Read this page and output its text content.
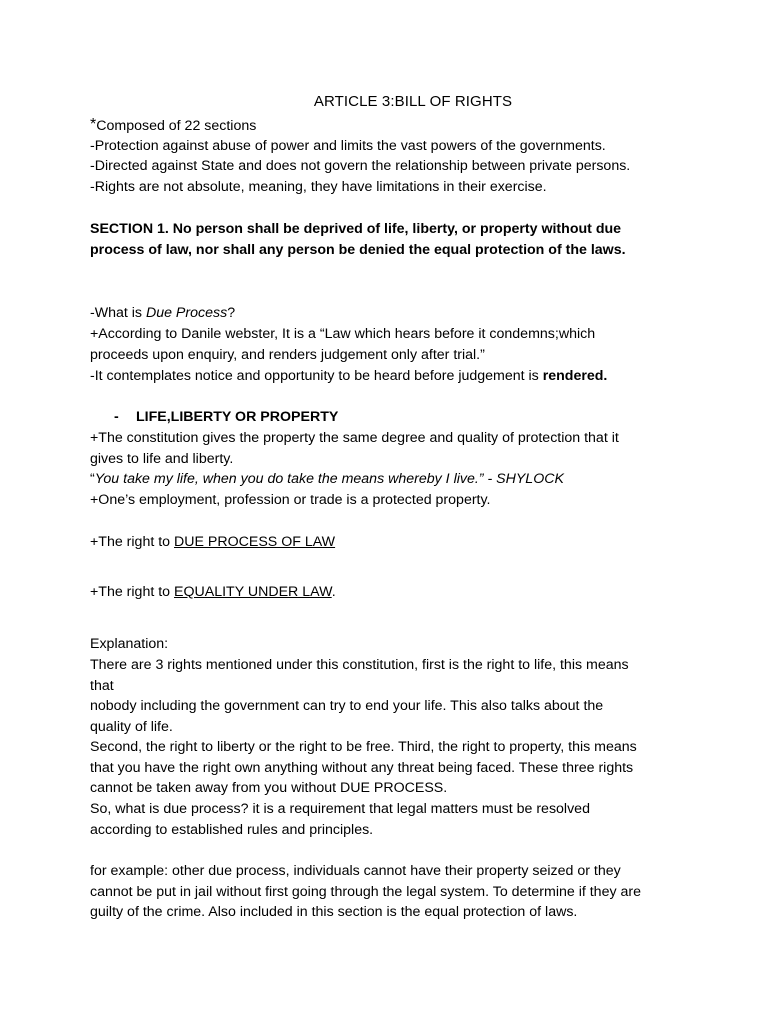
ARTICLE 3:BILL OF RIGHTS
*Composed of 22 sections
-Protection against abuse of power and limits the vast powers of the governments.
-Directed against State and does not govern the relationship between private persons.
-Rights are not absolute, meaning, they have limitations in their exercise.
SECTION 1. No person shall be deprived of life, liberty, or property without due
process of law, nor shall any person be denied the equal protection of the laws.
-What is Due Process?
+According to Danile webster, It is a “Law which hears before it condemns;which
proceeds upon enquiry, and renders judgement only after trial.”
-It contemplates notice and opportunity to be heard before judgement is rendered.
- LIFE,LIBERTY OR PROPERTY
+The constitution gives the property the same degree and quality of protection that it
gives to life and liberty.
“You take my life, when you do take the means whereby I live.” - SHYLOCK
+One’s employment, profession or trade is a protected property.
+The right to DUE PROCESS OF LAW
+The right to EQUALITY UNDER LAW.
Explanation:
There are 3 rights mentioned under this constitution, first is the right to life, this means
that
nobody including the government can try to end your life. This also talks about the
quality of life.
Second, the right to liberty or the right to be free. Third, the right to property, this means
that you have the right own anything without any threat being faced. These three rights
cannot be taken away from you without DUE PROCESS.
So, what is due process? it is a requirement that legal matters must be resolved
according to established rules and principles.
for example: other due process, individuals cannot have their property seized or they
cannot be put in jail without first going through the legal system. To determine if they are
guilty of the crime. Also included in this section is the equal protection of laws.
